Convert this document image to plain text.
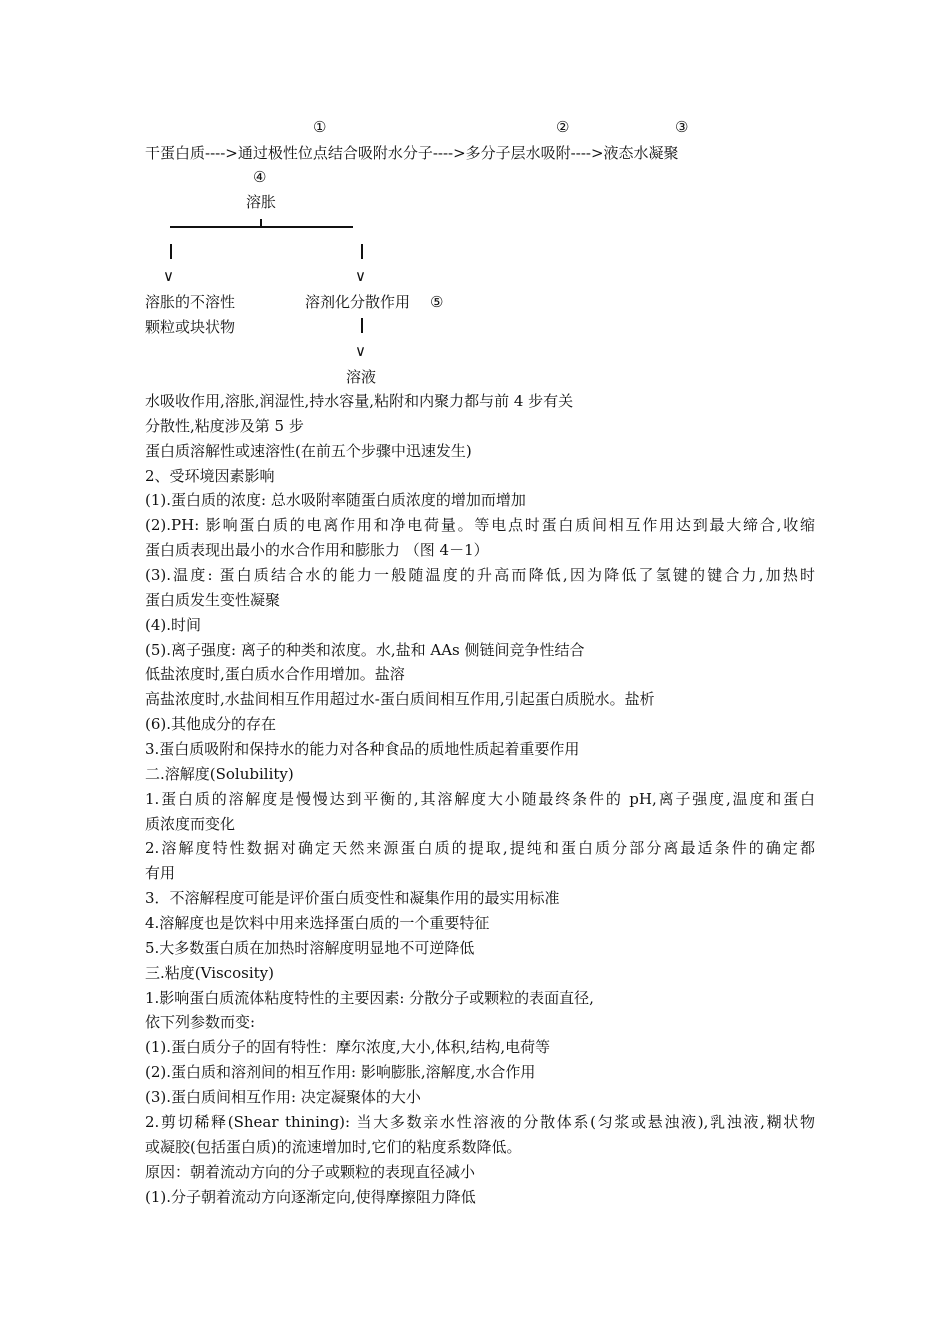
①	②	③
干蛋白质---->通过极性位点结合吸附水分子---->多分子层水吸附---->液态水凝聚
④
溶胀
∨	∨
溶胀的不溶性	溶剂化分散作用 ⑤
颗粒或块状物
∨
溶液
水吸收作用,溶胀,润湿性,持水容量,粘附和内聚力都与前 4 步有关
分散性,粘度涉及第 5 步
蛋白质溶解性或速溶性(在前五个步骤中迅速发生)
2、受环境因素影响
(1).蛋白质的浓度: 总水吸附率随蛋白质浓度的增加而增加
(2).PH: 影响蛋白质的电离作用和净电荷量。等电点时蛋白质间相互作用达到最大缔合,收缩
蛋白质表现出最小的水合作用和膨胀力 （图 4－1）
(3).温度: 蛋白质结合水的能力一般随温度的升高而降低,因为降低了氢键的键合力,加热时
蛋白质发生变性凝聚
(4).时间
(5).离子强度: 离子的种类和浓度。水,盐和 AAs 侧链间竞争性结合
低盐浓度时,蛋白质水合作用增加。盐溶
高盐浓度时,水盐间相互作用超过水-蛋白质间相互作用,引起蛋白质脱水。盐析
(6).其他成分的存在
3.蛋白质吸附和保持水的能力对各种食品的质地性质起着重要作用
二.溶解度(Solubility)
1.蛋白质的溶解度是慢慢达到平衡的,其溶解度大小随最终条件的 pH,离子强度,温度和蛋白
质浓度而变化
2.溶解度特性数据对确定天然来源蛋白质的提取,提纯和蛋白质分部分离最适条件的确定都
有用
3．不溶解程度可能是评价蛋白质变性和凝集作用的最实用标准
4.溶解度也是饮料中用来选择蛋白质的一个重要特征
5.大多数蛋白质在加热时溶解度明显地不可逆降低
三.粘度(Viscosity)
1.影响蛋白质流体粘度特性的主要因素: 分散分子或颗粒的表面直径,
依下列参数而变:
(1).蛋白质分子的固有特性：摩尔浓度,大小,体积,结构,电荷等
(2).蛋白质和溶剂间的相互作用: 影响膨胀,溶解度,水合作用
(3).蛋白质间相互作用: 决定凝聚体的大小
2.剪切稀释(Shear thining): 当大多数亲水性溶液的分散体系(匀浆或悬浊液),乳浊液,糊状物
或凝胶(包括蛋白质)的流速增加时,它们的粘度系数降低。
原因：朝着流动方向的分子或颗粒的表现直径减小
(1).分子朝着流动方向逐渐定向,使得摩擦阻力降低
